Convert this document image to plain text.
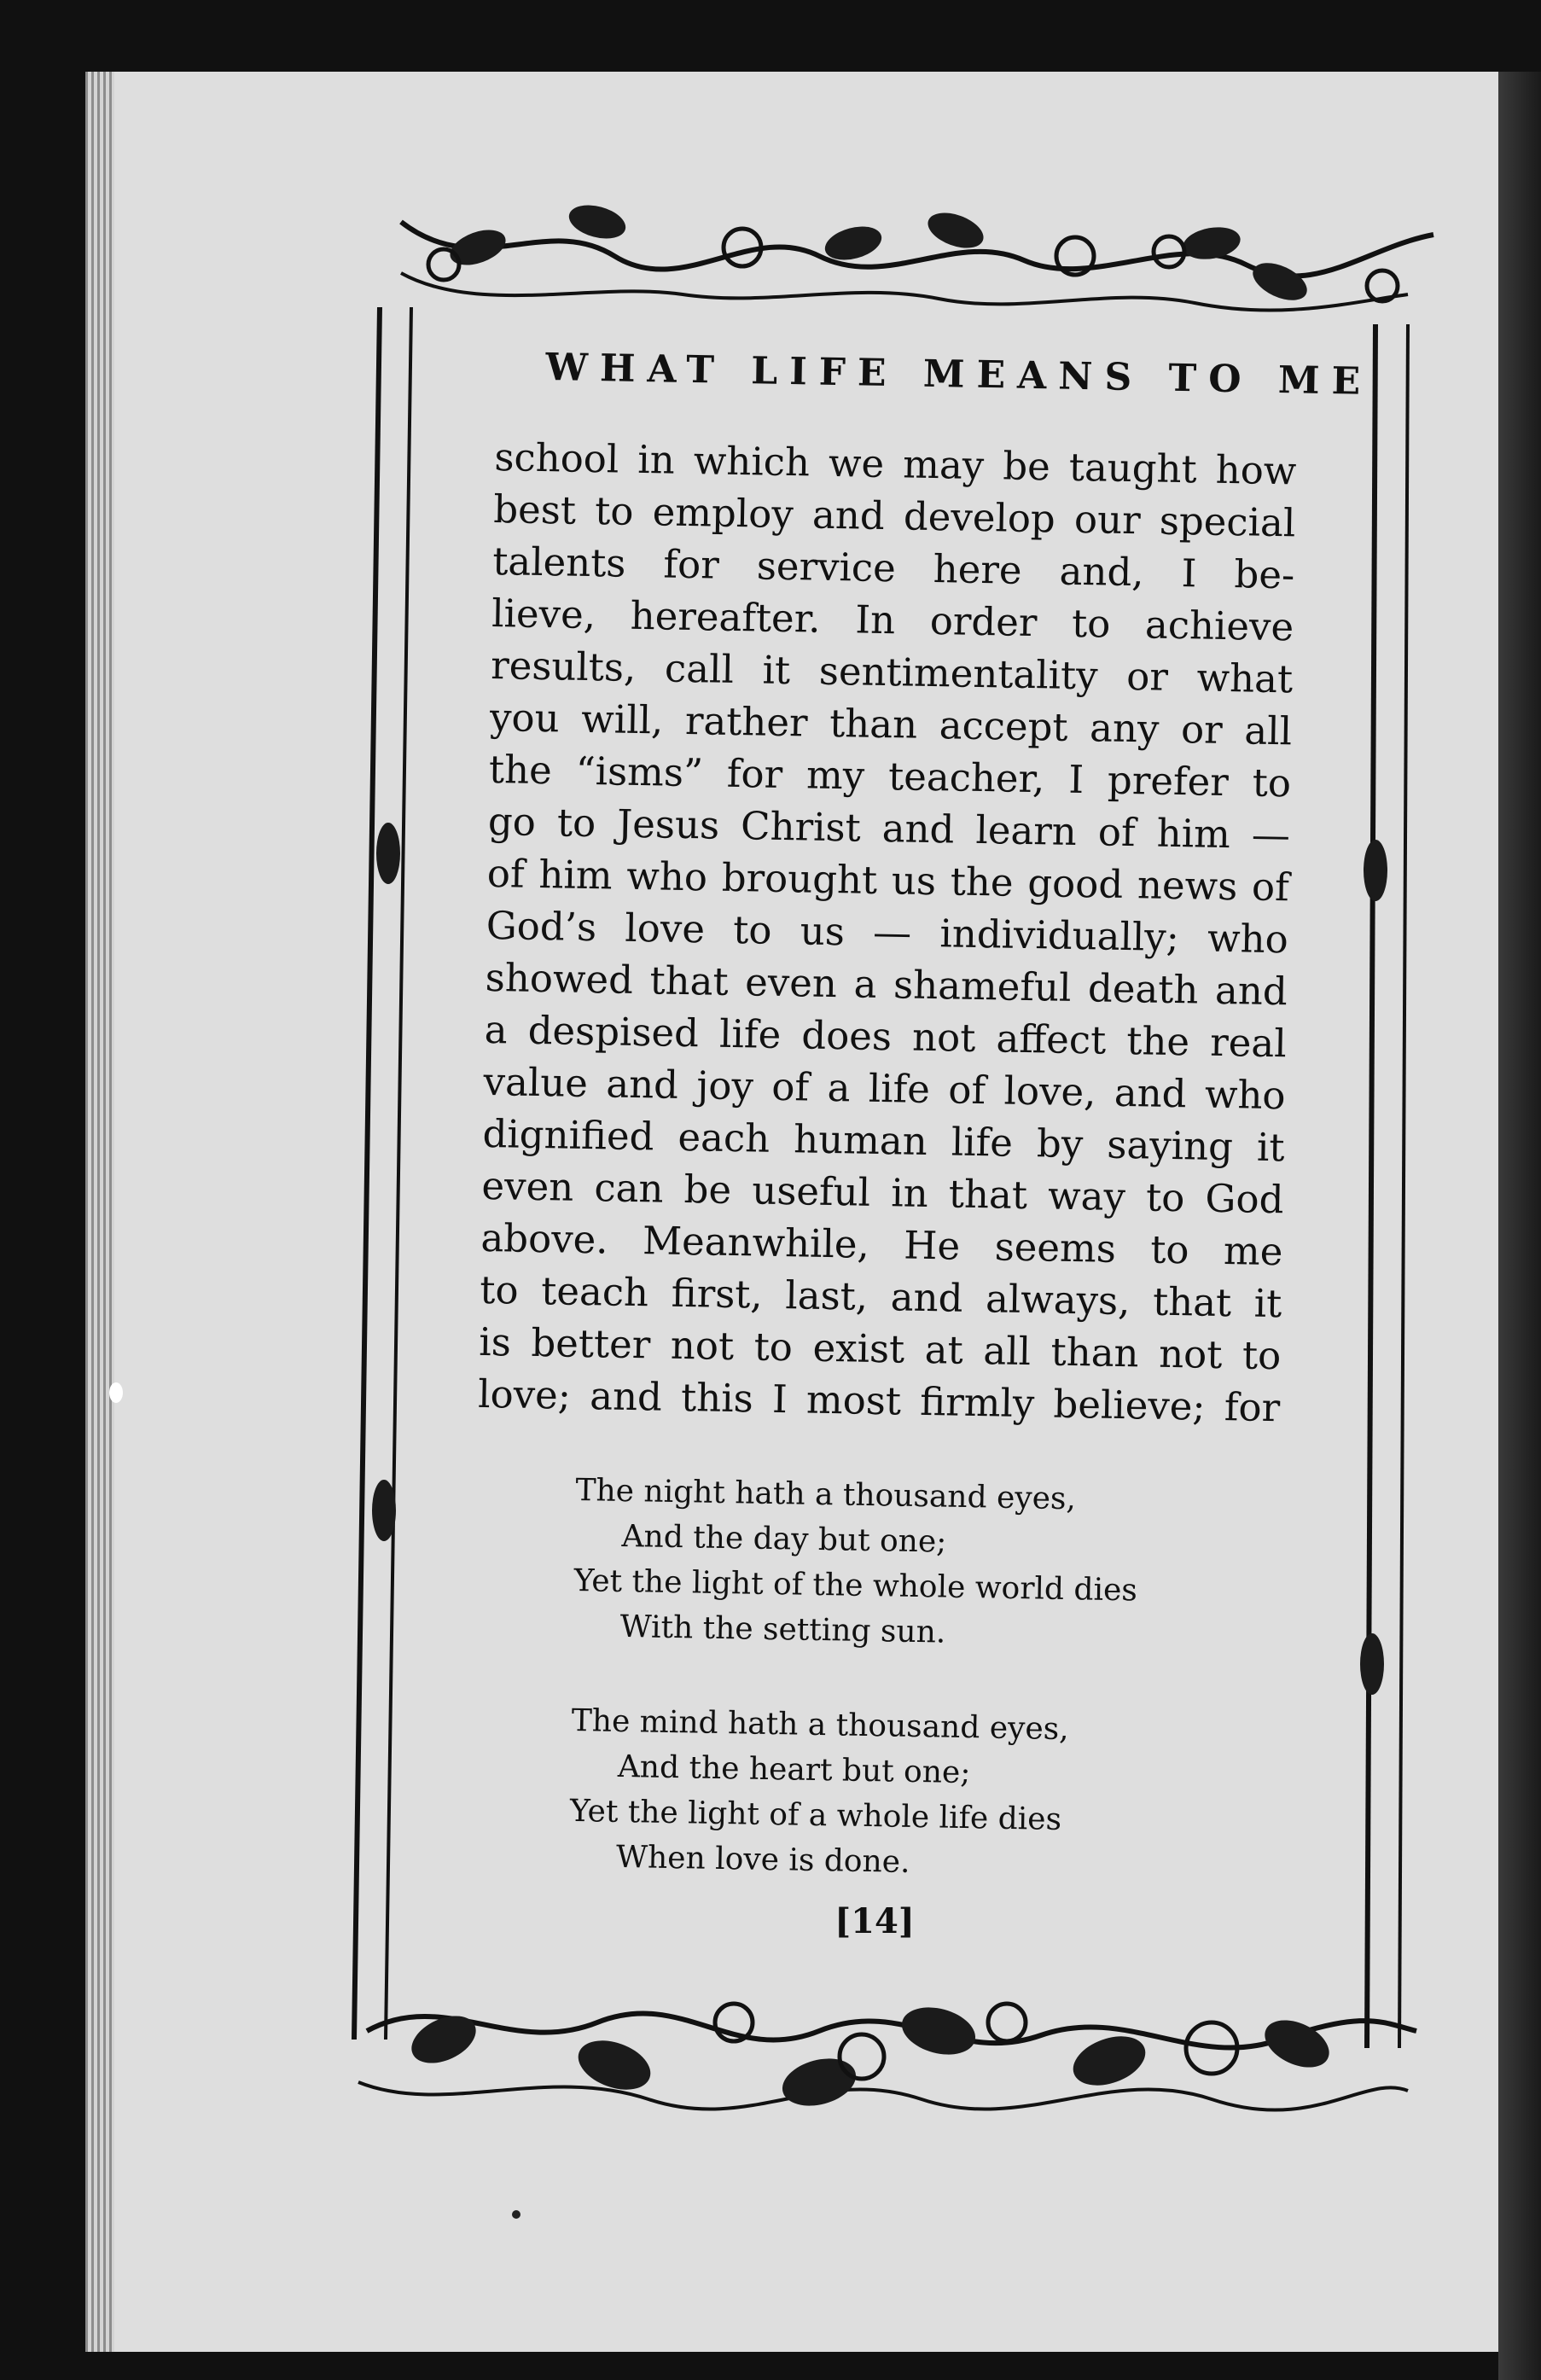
WHAT LIFE MEANS TO ME
school in which we may be taught how
best to employ and develop our special
talents for service here and, I be-
lieve, hereafter. In order to achieve
results, call it sentimentality or what
you will, rather than accept any or all
the “isms” for my teacher, I prefer to
go to Jesus Christ and learn of him —
of him who brought us the good news of
God’s love to us — individually; who
showed that even a shameful death and
a despised life does not affect the real
value and joy of a life of love, and who
dignified each human life by saying it
even can be useful in that way to God
above. Meanwhile, He seems to me
to teach first, last, and always, that it
is better not to exist at all than not to
love; and this I most firmly believe; for
The night hath a thousand eyes,
And the day but one;
Yet the light of the whole world dies
With the setting sun.
The mind hath a thousand eyes,
And the heart but one;
Yet the light of a whole life dies
When love is done.
[14]
